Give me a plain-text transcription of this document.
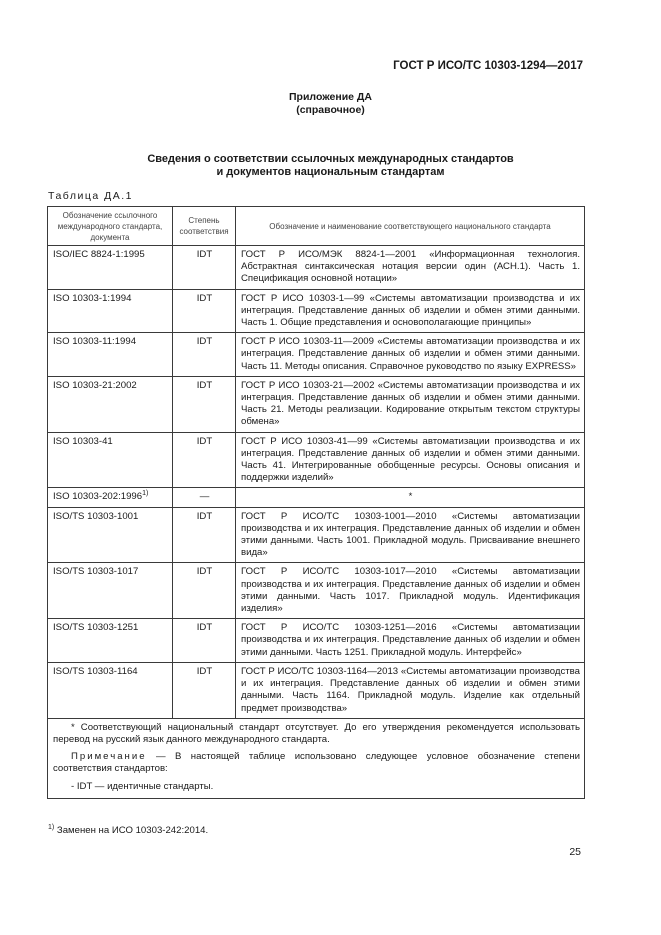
ГОСТ Р ИСО/ТС 10303-1294—2017
Приложение ДА
(справочное)
Сведения о соответствии ссылочных международных стандартов
и документов национальным стандартам
Таблица ДА.1
Обозначение ссылочного международного стандарта, документа	Степень соответствия	Обозначение и наименование соответствующего национального стандарта
ISO/IEC 8824-1:1995	IDT	ГОСТ Р ИСО/МЭК 8824-1—2001 «Информационная технология. Абстрактная синтаксическая нотация версии один (АСН.1). Часть 1. Спецификация основной нотации»
ISO 10303-1:1994	IDT	ГОСТ Р ИСО 10303-1—99 «Системы автоматизации производства и их интеграция. Представление данных об изделии и обмен этими данными. Часть 1. Общие представления и основополагающие принципы»
ISO 10303-11:1994	IDT	ГОСТ Р ИСО 10303-11—2009 «Системы автоматизации производства и их интеграция. Представление данных об изделии и обмен этими данными. Часть 11. Методы описания. Справочное руководство по языку EXPRESS»
ISO 10303-21:2002	IDT	ГОСТ Р ИСО 10303-21—2002 «Системы автоматизации производства и их интеграция. Представление данных об изделии и обмен этими данными. Часть 21. Методы реализации. Кодирование открытым текстом структуры обмена»
ISO 10303-41	IDT	ГОСТ Р ИСО 10303-41—99 «Системы автоматизации производства и их интеграция. Представление данных об изделии и обмен этими данными. Часть 41. Интегрированные обобщенные ресурсы. Основы описания и поддержки изделий»
ISO 10303-202:1996$^{1)}$	—	*
ISO/TS 10303-1001	IDT	ГОСТ Р ИСО/ТС 10303-1001—2010 «Системы автоматизации производства и их интеграция. Представление данных об изделии и обмен этими данными. Часть 1001. Прикладной модуль. Присваивание внешнего вида»
ISO/TS 10303-1017	IDT	ГОСТ Р ИСО/ТС 10303-1017—2010 «Системы автоматизации производства и их интеграция. Представление данных об изделии и обмен этими данными. Часть 1017. Прикладной модуль. Идентификация изделия»
ISO/TS 10303-1251	IDT	ГОСТ Р ИСО/ТС 10303-1251—2016 «Системы автоматизации производства и их интеграция. Представление данных об изделии и обмен этими данными. Часть 1251. Прикладной модуль. Интерфейс»
ISO/TS 10303-1164	IDT	ГОСТ Р ИСО/ТС 10303-1164—2013 «Системы автоматизации производства и их интеграция. Представление данных об изделии и обмен этими данными. Часть 1164. Прикладной модуль. Изделие как отдельный предмет производства»

* Соответствующий национальный стандарт отсутствует. До его утверждения рекомендуется использовать перевод на русский язык данного международного стандарта.

Примечание — В настоящей таблице использовано следующее условное обозначение степени соответствия стандартов:

- IDT — идентичные стандарты.		

$^{1)}$ Заменен на ИСО 10303-242:2014.
25
